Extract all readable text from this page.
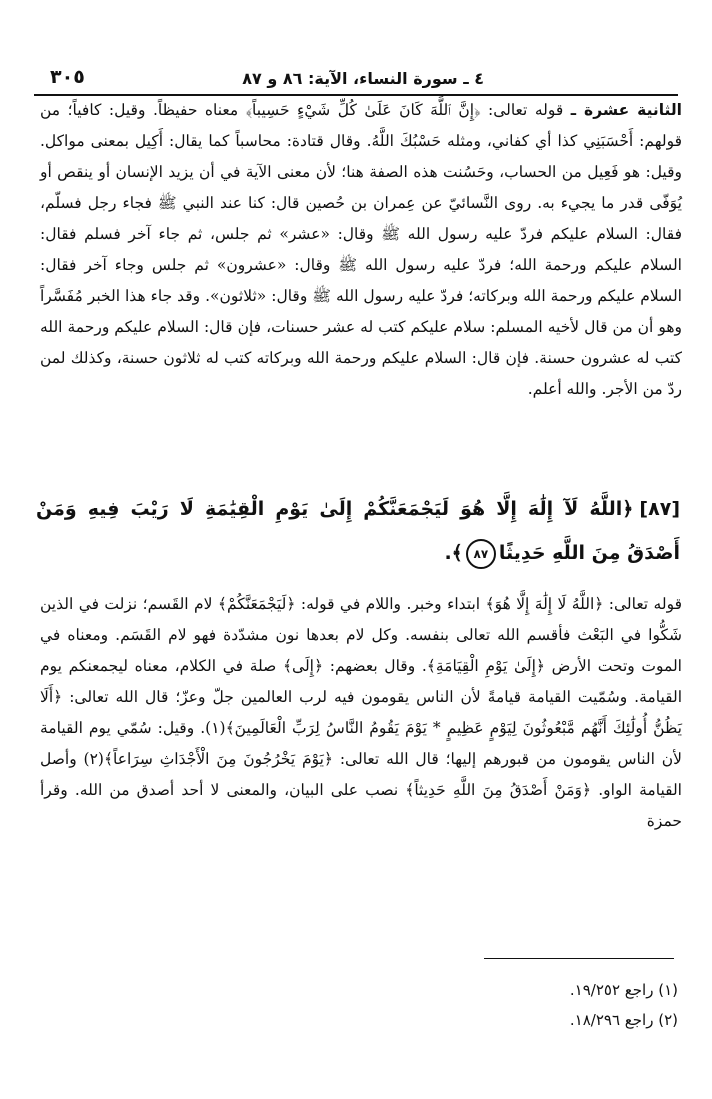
٤ ـ سورة النساء، الآية: ٨٦ و ٨٧
٣٠٥

الثانية عشرة ـ قوله تعالى: ﴿إِنَّ ٱللَّهَ كَانَ عَلَىٰ كُلِّ شَيْءٍ حَسِيباً﴾ معناه حفيظاً. وقيل: كافياً؛ من قولهم: أَحْسَبَنِي كذا أي كفاني، ومثله حَسْبُكَ اللَّهُ. وقال قتادة: محاسباً كما يقال: أَكِيل بمعنى مواكل. وقيل: هو فَعِيل من الحساب، وحَسُنت هذه الصفة هنا؛ لأن معنى الآية في أن يزيد الإنسان أو ينقص أو يُوَفّى قدر ما يجيء به. روى النَّسائيّ عن عِمران بن حُصين قال: كنا عند النبي ﷺ فجاء رجل فسلّم، فقال: السلام عليكم فردّ عليه رسول الله ﷺ وقال: «عشر» ثم جلس، ثم جاء آخر فسلم فقال: السلام عليكم ورحمة الله؛ فردّ عليه رسول الله ﷺ وقال: «عشرون» ثم جلس وجاء آخر فقال: السلام عليكم ورحمة الله وبركاته؛ فردّ عليه رسول الله ﷺ وقال: «ثلاثون». وقد جاء هذا الخبر مُفَسَّراً وهو أن من قال لأخيه المسلم: سلام عليكم كتب له عشر حسنات، فإن قال: السلام عليكم ورحمة الله كتب له عشرون حسنة. فإن قال: السلام عليكم ورحمة الله وبركاته كتب له ثلاثون حسنة، وكذلك لمن ردّ من الأجر. والله أعلم.

[٨٧]﴿اللَّهُ لَآ إِلَٰهَ إِلَّا هُوَ لَيَجْمَعَنَّكُمْ إِلَىٰ يَوْمِ الْقِيَٰمَةِ لَا رَيْبَ فِيهِ وَمَنْ أَصْدَقُ مِنَ اللَّهِ حَدِيثًا٨٧﴾.

قوله تعالى: ﴿اللَّهُ لَا إِلَٰهَ إِلَّا هُوَ﴾ ابتداء وخبر. واللام في قوله: ﴿لَيَجْمَعَنَّكُمْ﴾ لام القَسم؛ نزلت في الذين شَكُّوا في البَعْث فأقسم الله تعالى بنفسه. وكل لام بعدها نون مشدّدة فهو لام القَسَم. ومعناه في الموت وتحت الأرض ﴿إِلَىٰ يَوْمِ الْقِيَامَةِ﴾. وقال بعضهم: ﴿إِلَى﴾ صلة في الكلام، معناه ليجمعنكم يوم القيامة. وسُمّيت القيامة قيامةً لأن الناس يقومون فيه لرب العالمين جلّ وعزّ؛ قال الله تعالى: ﴿أَلَا يَظُنُّ أُولَٰئِكَ أَنَّهُم مَّبْعُوثُونَ لِيَوْمٍ عَظِيمٍ * يَوْمَ يَقُومُ النَّاسُ لِرَبِّ الْعَالَمِينَ﴾(١). وقيل: سُمّي يوم القيامة لأن الناس يقومون من قبورهم إليها؛ قال الله تعالى: ﴿يَوْمَ يَخْرُجُونَ مِنَ الْأَجْدَاثِ سِرَاعاً﴾(٢) وأصل القيامة الواو. ﴿وَمَنْ أَصْدَقُ مِنَ اللَّهِ حَدِيثاً﴾ نصب على البيان، والمعنى لا أحد أصدق من الله. وقرأ حمزة

(١) راجع ١٩/٢٥٢.
(٢) راجع ١٨/٢٩٦.
